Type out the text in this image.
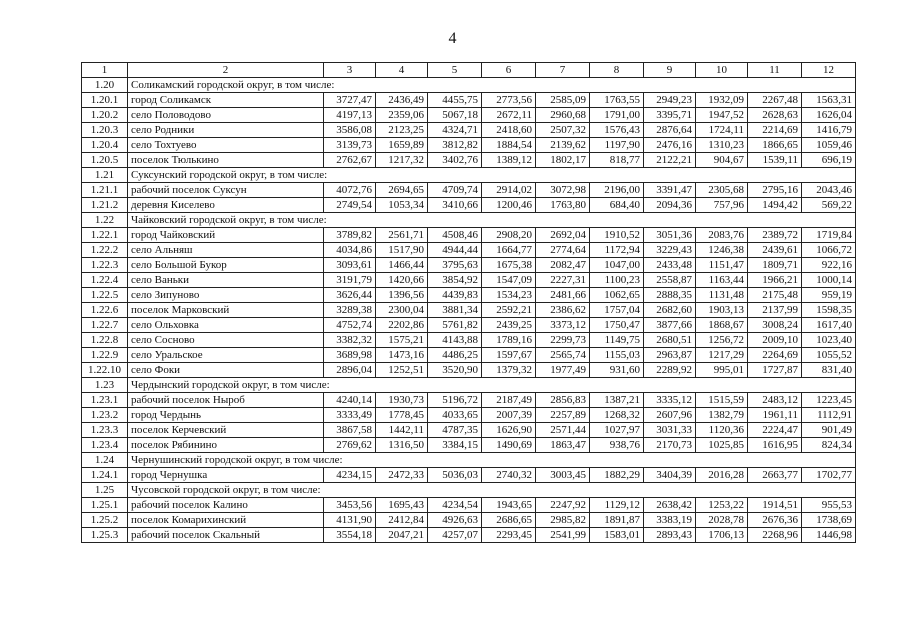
4
1	2	3	4	5	6	7	8	9	10	11	12
1.20	Соликамский городской округ, в том числе:										
1.20.1	город Соликамск	3727,47	2436,49	4455,75	2773,56	2585,09	1763,55	2949,23	1932,09	2267,48	1563,31
1.20.2	село Половодово	4197,13	2359,06	5067,18	2672,11	2960,68	1791,00	3395,71	1947,52	2628,63	1626,04
1.20.3	село Родники	3586,08	2123,25	4324,71	2418,60	2507,32	1576,43	2876,64	1724,11	2214,69	1416,79
1.20.4	село Тохтуево	3139,73	1659,89	3812,82	1884,54	2139,62	1197,90	2476,16	1310,23	1866,65	1059,46
1.20.5	поселок Тюлькино	2762,67	1217,32	3402,76	1389,12	1802,17	818,77	2122,21	904,67	1539,11	696,19
1.21	Суксунский городской округ, в том числе:										
1.21.1	рабочий поселок Суксун	4072,76	2694,65	4709,74	2914,02	3072,98	2196,00	3391,47	2305,68	2795,16	2043,46
1.21.2	деревня Киселево	2749,54	1053,34	3410,66	1200,46	1763,80	684,40	2094,36	757,96	1494,42	569,22
1.22	Чайковский городской округ, в том числе:										
1.22.1	город Чайковский	3789,82	2561,71	4508,46	2908,20	2692,04	1910,52	3051,36	2083,76	2389,72	1719,84
1.22.2	село Альняш	4034,86	1517,90	4944,44	1664,77	2774,64	1172,94	3229,43	1246,38	2439,61	1066,72
1.22.3	село Большой Букор	3093,61	1466,44	3795,63	1675,38	2082,47	1047,00	2433,48	1151,47	1809,71	922,16
1.22.4	село Ваньки	3191,79	1420,66	3854,92	1547,09	2227,31	1100,23	2558,87	1163,44	1966,21	1000,14
1.22.5	село Зипуново	3626,44	1396,56	4439,83	1534,23	2481,66	1062,65	2888,35	1131,48	2175,48	959,19
1.22.6	поселок Марковский	3289,38	2300,04	3881,34	2592,21	2386,62	1757,04	2682,60	1903,13	2137,99	1598,35
1.22.7	село Ольховка	4752,74	2202,86	5761,82	2439,25	3373,12	1750,47	3877,66	1868,67	3008,24	1617,40
1.22.8	село Сосново	3382,32	1575,21	4143,88	1789,16	2299,73	1149,75	2680,51	1256,72	2009,10	1023,40
1.22.9	село Уральское	3689,98	1473,16	4486,25	1597,67	2565,74	1155,03	2963,87	1217,29	2264,69	1055,52
1.22.10	село Фоки	2896,04	1252,51	3520,90	1379,32	1977,49	931,60	2289,92	995,01	1727,87	831,40
1.23	Чердынский городской округ, в том числе:										
1.23.1	рабочий поселок Ныроб	4240,14	1930,73	5196,72	2187,49	2856,83	1387,21	3335,12	1515,59	2483,12	1223,45
1.23.2	город Чердынь	3333,49	1778,45	4033,65	2007,39	2257,89	1268,32	2607,96	1382,79	1961,11	1112,91
1.23.3	поселок Керчевский	3867,58	1442,11	4787,35	1626,90	2571,44	1027,97	3031,33	1120,36	2224,47	901,49
1.23.4	поселок Рябинино	2769,62	1316,50	3384,15	1490,69	1863,47	938,76	2170,73	1025,85	1616,95	824,34
1.24	Чернушинский городской округ, в том числе:										
1.24.1	город Чернушка	4234,15	2472,33	5036,03	2740,32	3003,45	1882,29	3404,39	2016,28	2663,77	1702,77
1.25	Чусовской городской округ, в том числе:										
1.25.1	рабочий поселок Калино	3453,56	1695,43	4234,54	1943,65	2247,92	1129,12	2638,42	1253,22	1914,51	955,53
1.25.2	поселок Комарихинский	4131,90	2412,84	4926,63	2686,65	2985,82	1891,87	3383,19	2028,78	2676,36	1738,69
1.25.3	рабочий поселок Скальный	3554,18	2047,21	4257,07	2293,45	2541,99	1583,01	2893,43	1706,13	2268,96	1446,98
